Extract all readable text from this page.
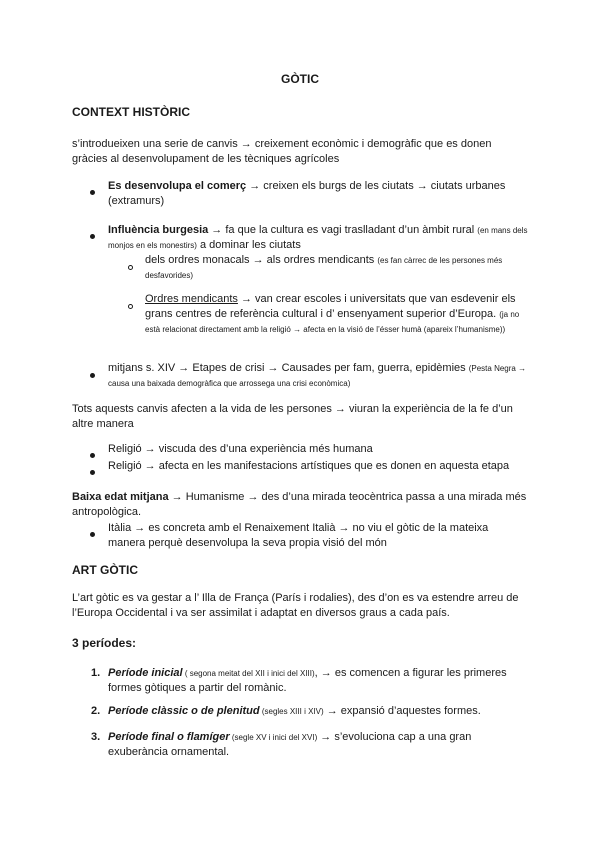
GÒTIC
CONTEXT HISTÒRIC
s’introdueixen una serie de canvis → creixement econòmic i demogràfic que es donen gràcies al desenvolupament de les tècniques agrícoles
Es desenvolupa el comerç → creixen els burgs de les ciutats → ciutats urbanes (extramurs)
Influència burgesia → fa que la cultura es vagi traslladant d’un àmbit rural (en mans dels monjos en els monestirs) a dominar les ciutats
dels ordres monacals → als ordres mendicants (es fan càrrec de les persones més desfavorides)
Ordres mendicants → van crear escoles i universitats que van esdevenir els grans centres de referència cultural i d’ ensenyament superior d’Europa. (ja no està relacionat directament amb la religió → afecta en la visió de l’ésser humà (apareix l’humanisme))
mitjans s. XIV → Etapes de crisi → Causades per fam, guerra, epidèmies (Pesta Negra → causa una baixada demogràfica que arrossega una crisi econòmica)
Tots aquests canvis afecten a la vida de les persones → viuran la experiència de la fe d’un altre manera
Religió → viscuda des d’una experiència més humana
Religió → afecta en les manifestacions artístiques que es donen en aquesta etapa
Baixa edat mitjana → Humanisme → des d’una mirada teocèntrica passa a una mirada més antropològica.
Itàlia → es concreta amb el Renaixement Italià → no viu el gòtic de la mateixa manera perquè desenvolupa la seva propia visió del món
ART GÒTIC
L’art gòtic es va gestar a l’ Illa de França (París i rodalies), des d’on es va estendre arreu de l’Europa Occidental i va ser assimilat i adaptat en diversos graus a cada país.
3 períodes:
1. Període inicial ( segona meitat del XII i inici del XIII), → es comencen a figurar les primeres formes gòtiques a partir del romànic.
2. Període clàssic o de plenitud (segles XIII i XIV) → expansió d’aquestes formes.
3. Període final o flamíger (segle XV i inici del XVI) → s’evoluciona cap a una gran exuberància ornamental.
